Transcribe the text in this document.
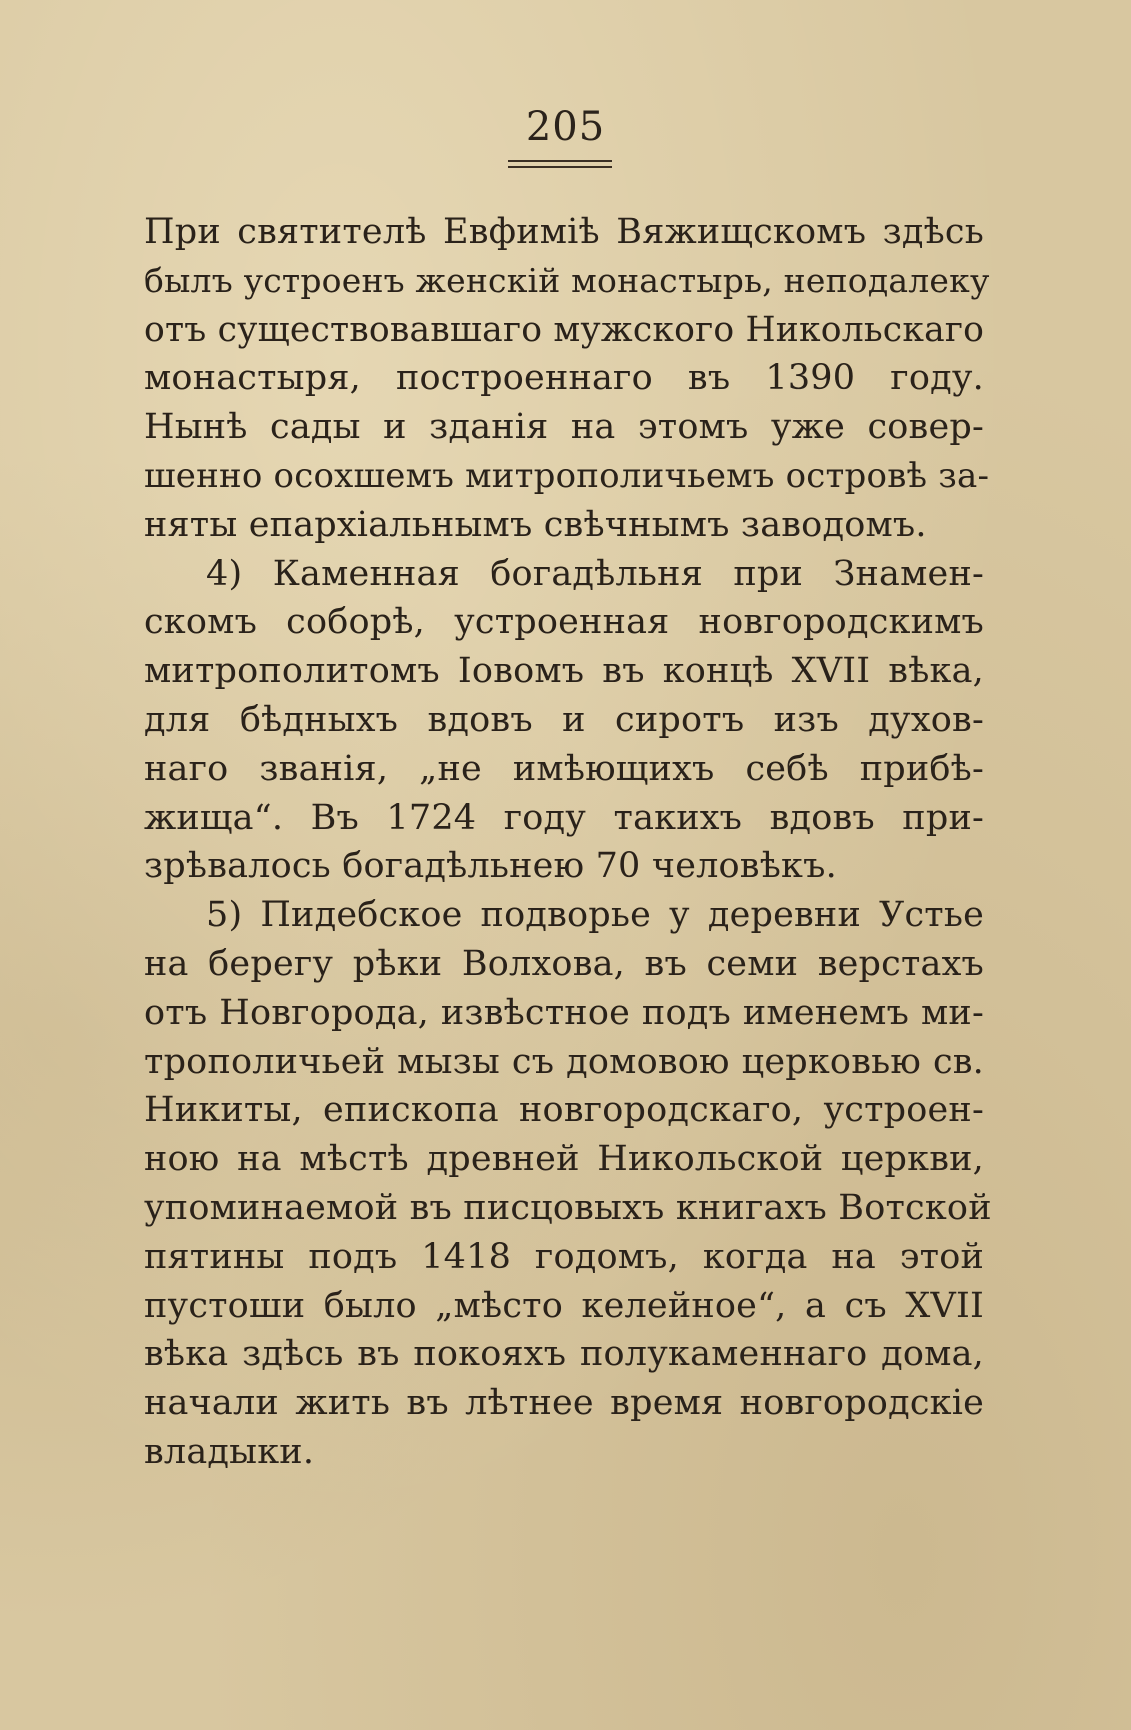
205
При святителѣ Евфиміѣ Вяжищскомъ здѣсь
былъ устроенъ женскій монастырь, неподалеку
отъ существовавшаго мужского Никольскаго
монастыря, построеннаго въ 1390 году.
Нынѣ сады и зданія на этомъ уже совер-
шенно осохшемъ митрополичьемъ островѣ за-
няты епархіальнымъ свѣчнымъ заводомъ.
4) Каменная богадѣльня при Знамен-
скомъ соборѣ, устроенная новгородскимъ
митрополитомъ Іовомъ въ концѣ XVII вѣка,
для бѣдныхъ вдовъ и сиротъ изъ духов-
наго званія, „не имѣющихъ себѣ прибѣ-
жища“. Въ 1724 году такихъ вдовъ при-
зрѣвалось богадѣльнею 70 человѣкъ.
5) Пидебское подворье у деревни Устье
на берегу рѣки Волхова, въ семи верстахъ
отъ Новгорода, извѣстное подъ именемъ ми-
трополичьей мызы съ домовою церковью св.
Никиты, епископа новгородскаго, устроен-
ною на мѣстѣ древней Никольской церкви,
упоминаемой въ писцовыхъ книгахъ Вотской
пятины подъ 1418 годомъ, когда на этой
пустоши было „мѣсто келейное“, а съ XVII
вѣка здѣсь въ покояхъ полукаменнаго дома,
начали жить въ лѣтнее время новгородскіе
владыки.
